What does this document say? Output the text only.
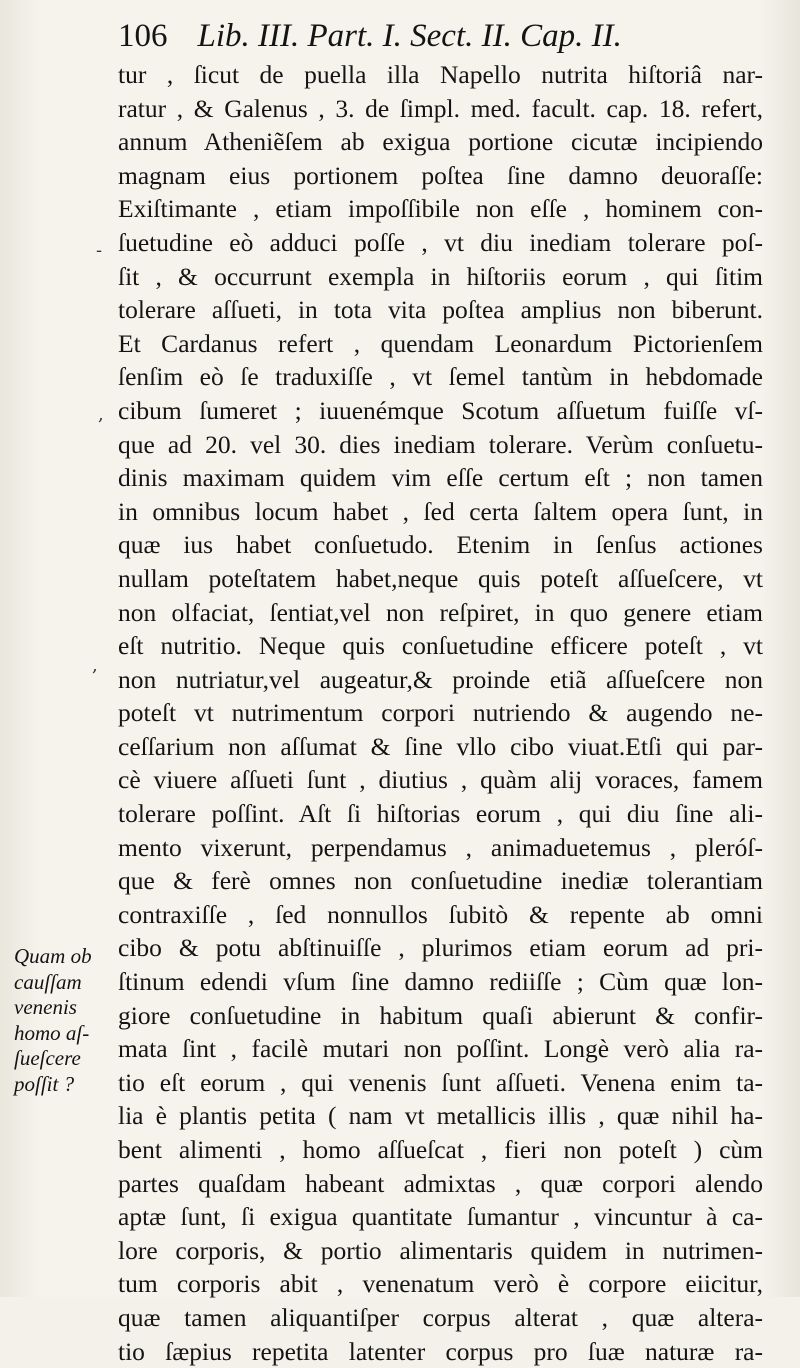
106 Lib. III. Part. I. Sect. II. Cap. II.
tur , ſicut de puella illa Napello nutrita hiſtoriâ nar-
ratur , & Galenus , 3. de ſimpl. med. facult. cap. 18. refert,
annum Atheniẽſem ab exigua portione cicutæ incipiendo
magnam eius portionem poſtea ſine damno deuoraſſe:
Exiſtimante , etiam impoſſibile non eſſe , hominem con-
ſuetudine eò adduci poſſe , vt diu inediam tolerare poſ-
ſit , & occurrunt exempla in hiſtoriis eorum , qui ſitim
tolerare aſſueti, in tota vita poſtea amplius non biberunt.
Et Cardanus refert , quendam Leonardum Pictorienſem
ſenſim eò ſe traduxiſſe , vt ſemel tantùm in hebdomade
cibum ſumeret ; iuuenémque Scotum aſſuetum fuiſſe vſ-
que ad 20. vel 30. dies inediam tolerare. Verùm conſuetu-
dinis maximam quidem vim eſſe certum eſt ; non tamen
in omnibus locum habet , ſed certa ſaltem opera ſunt, in
quæ ius habet conſuetudo. Etenim in ſenſus actiones
nullam poteſtatem habet,neque quis poteſt aſſueſcere, vt
non olfaciat, ſentiat,vel non reſpiret, in quo genere etiam
eſt nutritio. Neque quis conſuetudine efficere poteſt , vt
non nutriatur,vel augeatur,& proinde etiã aſſueſcere non
poteſt vt nutrimentum corpori nutriendo & augendo ne-
ceſſarium non aſſumat & ſine vllo cibo viuat.Etſi qui par-
cè viuere aſſueti ſunt , diutius , quàm alij voraces, famem
tolerare poſſint. Aſt ſi hiſtorias eorum , qui diu ſine ali-
mento vixerunt, perpendamus , animaduetemus , pleróſ-
que & ferè omnes non conſuetudine inediæ tolerantiam
contraxiſſe , ſed nonnullos ſubitò & repente ab omni
cibo & potu abſtinuiſſe , plurimos etiam eorum ad pri-
ſtinum edendi vſum ſine damno rediiſſe ; Cùm quæ lon-
giore conſuetudine in habitum quaſi abierunt & confir-
mata ſint , facilè mutari non poſſint. Longè verò alia ra-
tio eſt eorum , qui venenis ſunt aſſueti. Venena enim ta-
lia è plantis petita ( nam vt metallicis illis , quæ nihil ha-
bent alimenti , homo aſſueſcat , fieri non poteſt ) cùm
partes quaſdam habeant admixtas , quæ corpori alendo
aptæ ſunt, ſi exigua quantitate ſumantur , vincuntur à ca-
lore corporis, & portio alimentaris quidem in nutrimen-
tum corporis abit , venenatum verò è corpore eiicitur,
quæ tamen aliquantiſper corpus alterat , quæ altera-
tio ſæpius repetita latenter corpus pro ſuæ naturæ ra-
Quam ob
cauſſam
venenis
homo aſ-
ſueſcere
poſſit ?
-
,
,
